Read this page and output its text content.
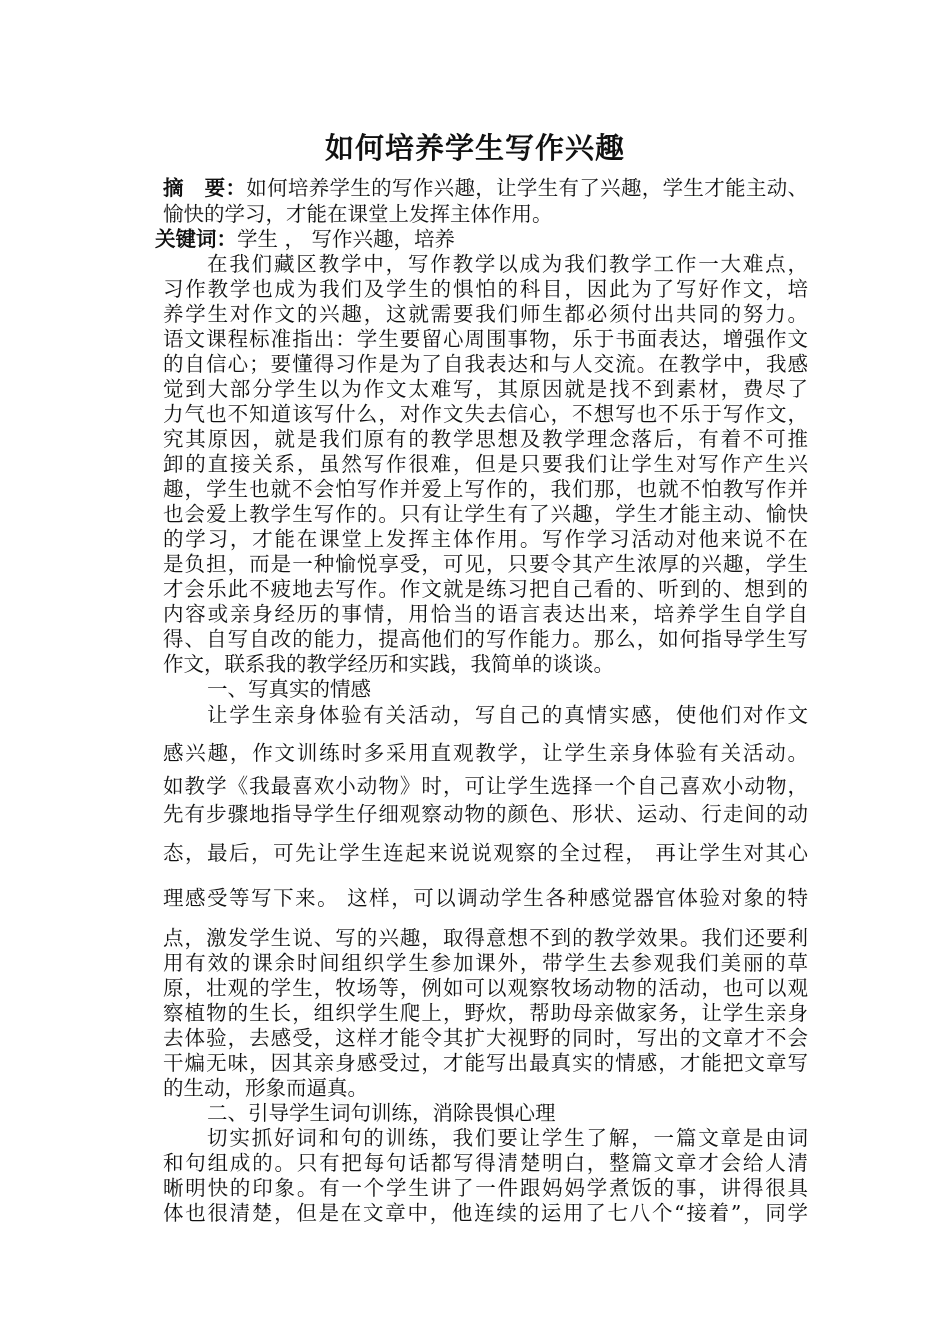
如何培养学生写作兴趣
摘　要：如何培养学生的写作兴趣，让学生有了兴趣，学生才能主动、
愉快的学习，才能在课堂上发挥主体作用。
关键词：学生 ， 写作兴趣，培养
在我们藏区教学中，写作教学以成为我们教学工作一大难点，
习作教学也成为我们及学生的惧怕的科目，因此为了写好作文，培
养学生对作文的兴趣，这就需要我们师生都必须付出共同的努力。
语文课程标准指出：学生要留心周围事物，乐于书面表达，增强作文
的自信心；要懂得习作是为了自我表达和与人交流。在教学中，我感
觉到大部分学生以为作文太难写，其原因就是找不到素材，费尽了
力气也不知道该写什么，对作文失去信心，不想写也不乐于写作文，
究其原因，就是我们原有的教学思想及教学理念落后，有着不可推
卸的直接关系，虽然写作很难，但是只要我们让学生对写作产生兴
趣，学生也就不会怕写作并爱上写作的，我们那，也就不怕教写作并
也会爱上教学生写作的。只有让学生有了兴趣，学生才能主动、愉快
的学习，才能在课堂上发挥主体作用。写作学习活动对他来说不在
是负担，而是一种愉悦享受，可见，只要令其产生浓厚的兴趣，学生
才会乐此不疲地去写作。作文就是练习把自己看的、听到的、想到的
内容或亲身经历的事情，用恰当的语言表达出来，培养学生自学自
得、自写自改的能力，提高他们的写作能力。那么，如何指导学生写
作文，联系我的教学经历和实践，我简单的谈谈。
一、写真实的情感
让学生亲身体验有关活动，写自己的真情实感，使他们对作文
感兴趣，作文训练时多采用直观教学，让学生亲身体验有关活动。
如教学《我最喜欢小动物》时，可让学生选择一个自己喜欢小动物，
先有步骤地指导学生仔细观察动物的颜色、形状、运动、行走间的动
态，最后，可先让学生连起来说说观察的全过程， 再让学生对其心
理感受等写下来。 这样，可以调动学生各种感觉器官体验对象的特
点，激发学生说、写的兴趣，取得意想不到的教学效果。我们还要利
用有效的课余时间组织学生参加课外，带学生去参观我们美丽的草
原，壮观的学生，牧场等，例如可以观察牧场动物的活动，也可以观
察植物的生长，组织学生爬上，野炊，帮助母亲做家务，让学生亲身
去体验，去感受，这样才能令其扩大视野的同时，写出的文章才不会
干煸无味，因其亲身感受过，才能写出最真实的情感，才能把文章写
的生动，形象而逼真。
二、引导学生词句训练，消除畏惧心理
切实抓好词和句的训练，我们要让学生了解，一篇文章是由词
和句组成的。只有把每句话都写得清楚明白，整篇文章才会给人清
晰明快的印象。有一个学生讲了一件跟妈妈学煮饭的事，讲得很具
体也很清楚，但是在文章中，他连续的运用了七八个“接着”，同学
